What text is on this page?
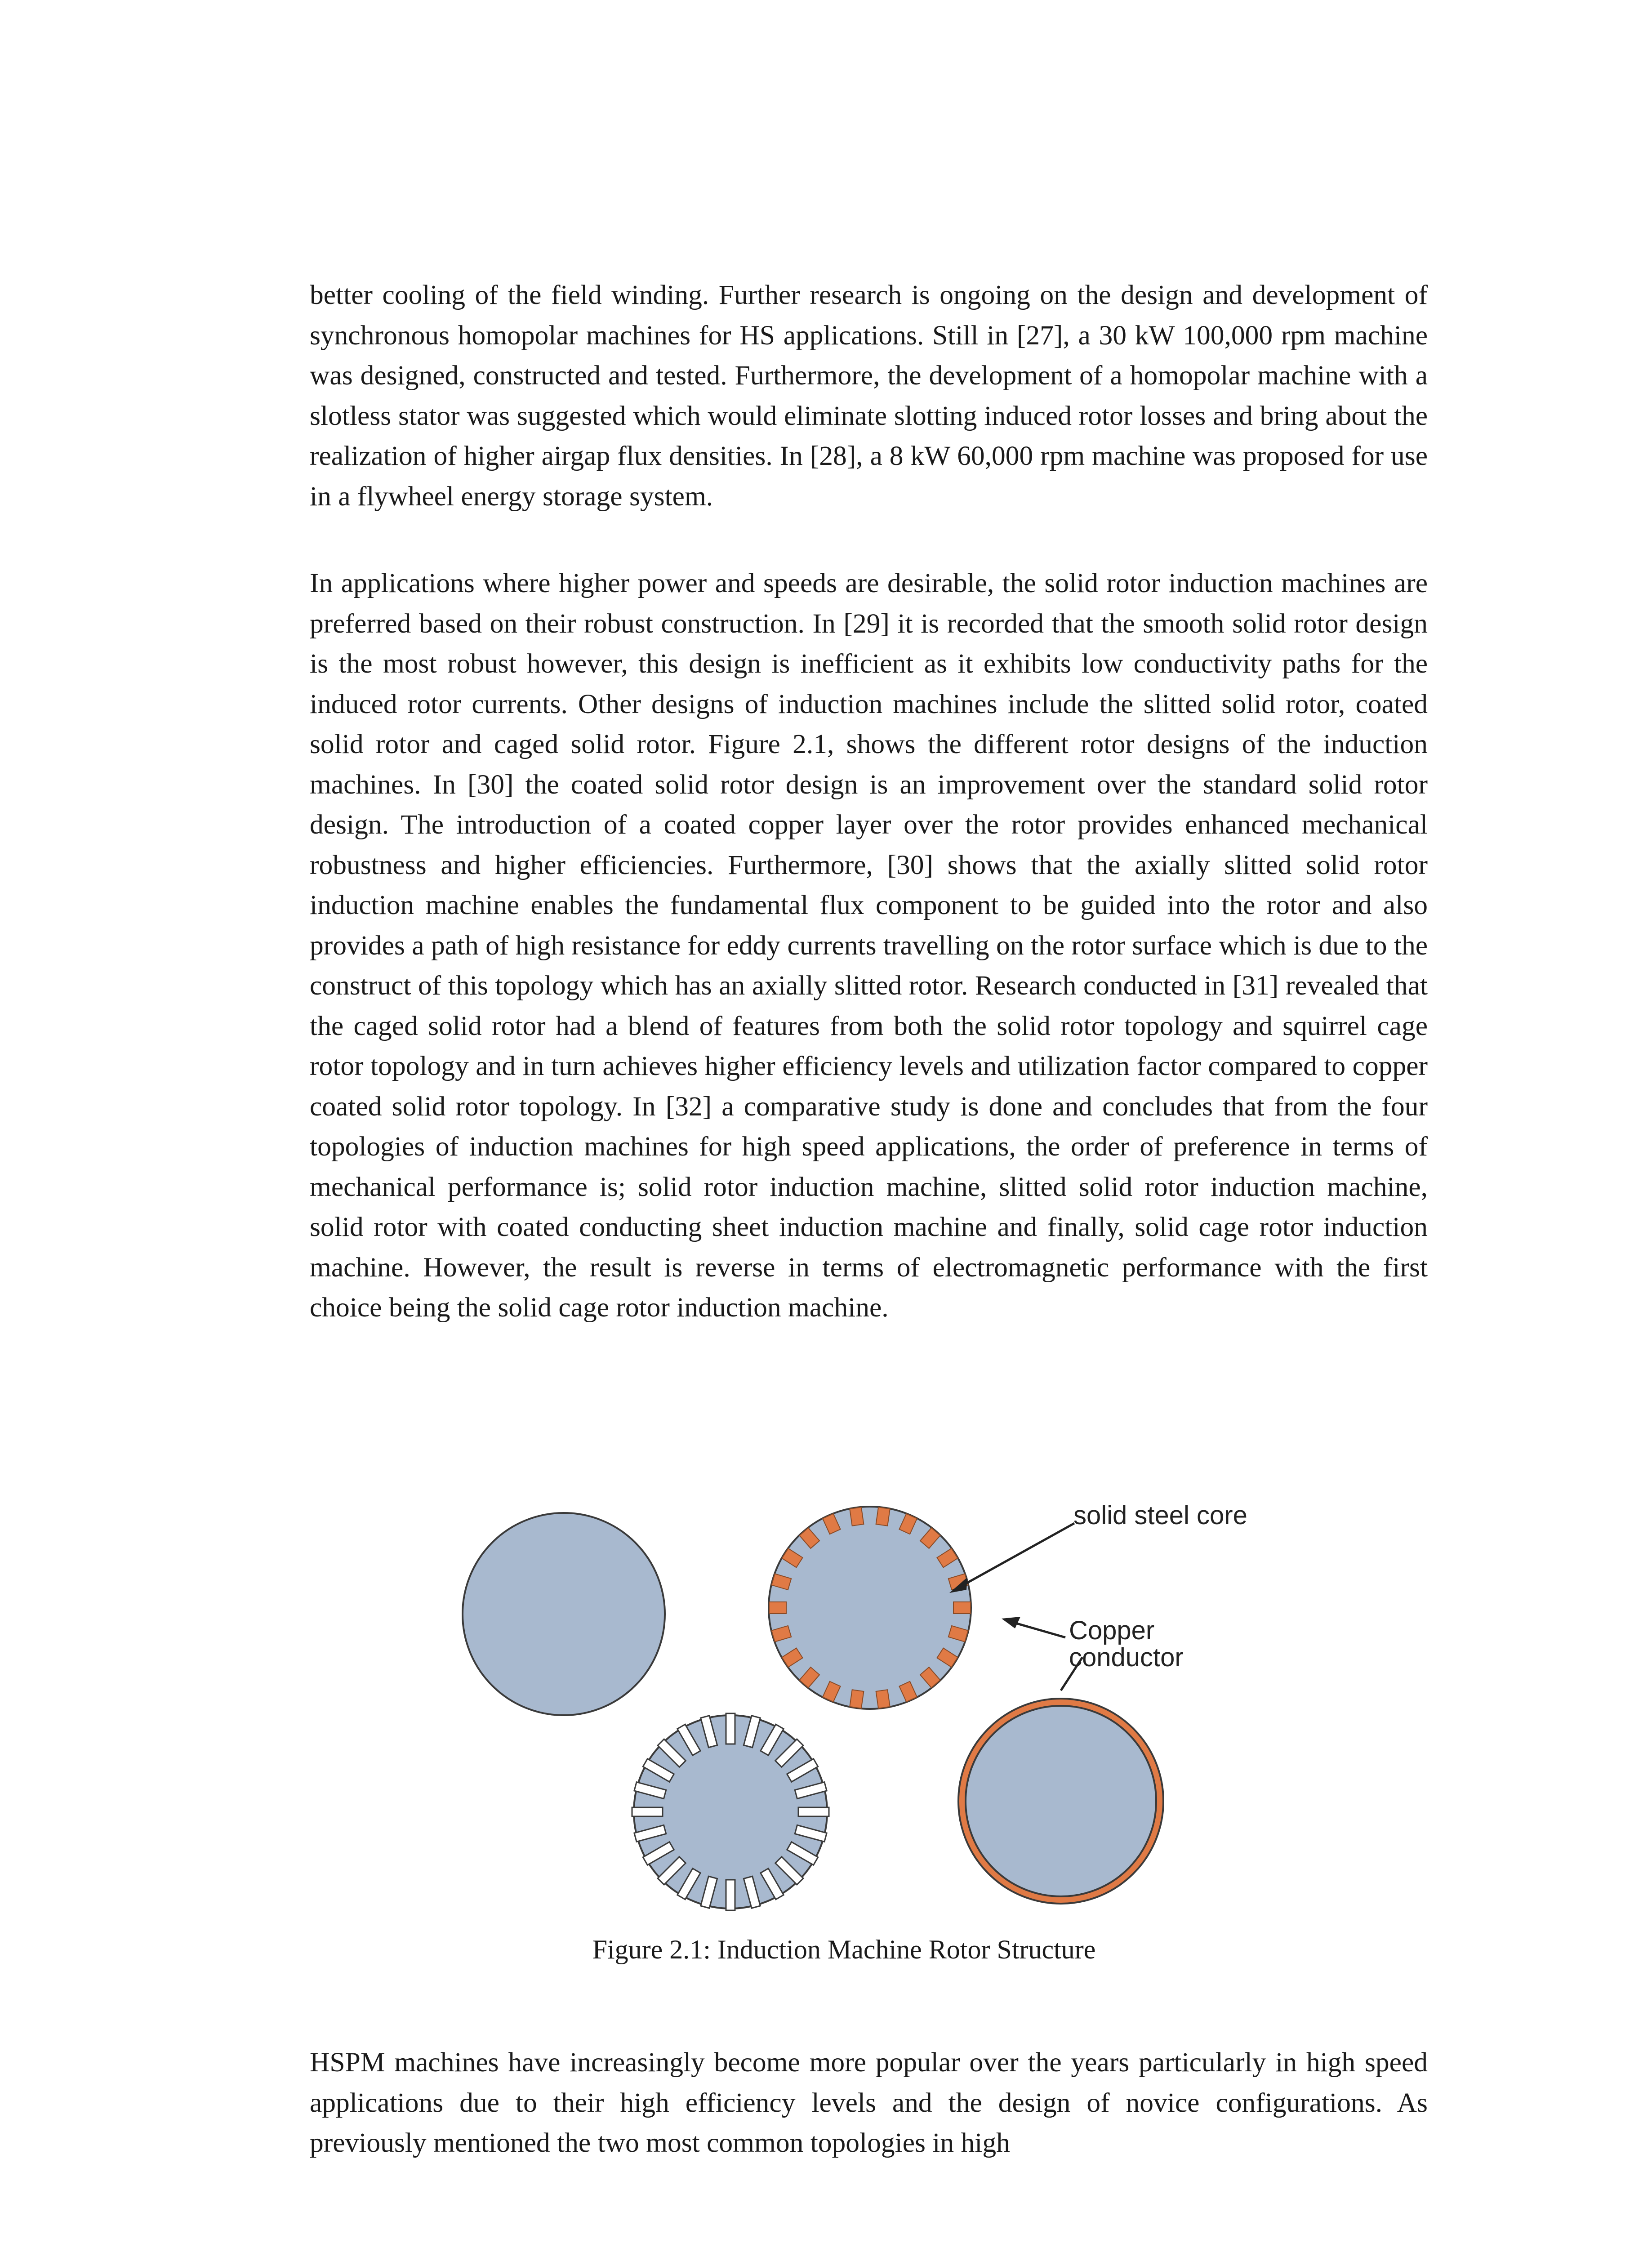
better cooling of the field winding. Further research is ongoing on the design and development of synchronous homopolar machines for HS applications. Still in [27], a 30 kW 100,000 rpm machine was designed, constructed and tested. Furthermore, the development of a homopolar machine with a slotless stator was suggested which would eliminate slotting induced rotor losses and bring about the realization of higher airgap flux densities. In [28], a 8 kW 60,000 rpm machine was proposed for use in a flywheel energy storage system.

In applications where higher power and speeds are desirable, the solid rotor induction machines are preferred based on their robust construction. In [29] it is recorded that the smooth solid rotor design is the most robust however, this design is inefficient as it exhibits low conductivity paths for the induced rotor currents. Other designs of induction machines include the slitted solid rotor, coated solid rotor and caged solid rotor. Figure 2.1, shows the different rotor designs of the induction machines. In [30] the coated solid rotor design is an improvement over the standard solid rotor design. The introduction of a coated copper layer over the rotor provides enhanced mechanical robustness and higher efficiencies. Furthermore, [30] shows that the axially slitted solid rotor induction machine enables the fundamental flux component to be guided into the rotor and also provides a path of high resistance for eddy currents travelling on the rotor surface which is due to the construct of this topology which has an axially slitted rotor. Research conducted in [31] revealed that the caged solid rotor had a blend of features from both the solid rotor topology and squirrel cage rotor topology and in turn achieves higher efficiency levels and utilization factor compared to copper coated solid rotor topology. In [32] a comparative study is done and concludes that from the four topologies of induction machines for high speed applications, the order of preference in terms of mechanical performance is; solid rotor induction machine, slitted solid rotor induction machine, solid rotor with coated conducting sheet induction machine and finally, solid cage rotor induction machine. However, the result is reverse in terms of electromagnetic performance with the first choice being the solid cage rotor induction machine.

solid steel core
Copper
conductor
Figure 2.1: Induction Machine Rotor Structure

HSPM machines have increasingly become more popular over the years particularly in high speed applications due to their high efficiency levels and the design of novice configurations. As previously mentioned the two most common topologies in high
